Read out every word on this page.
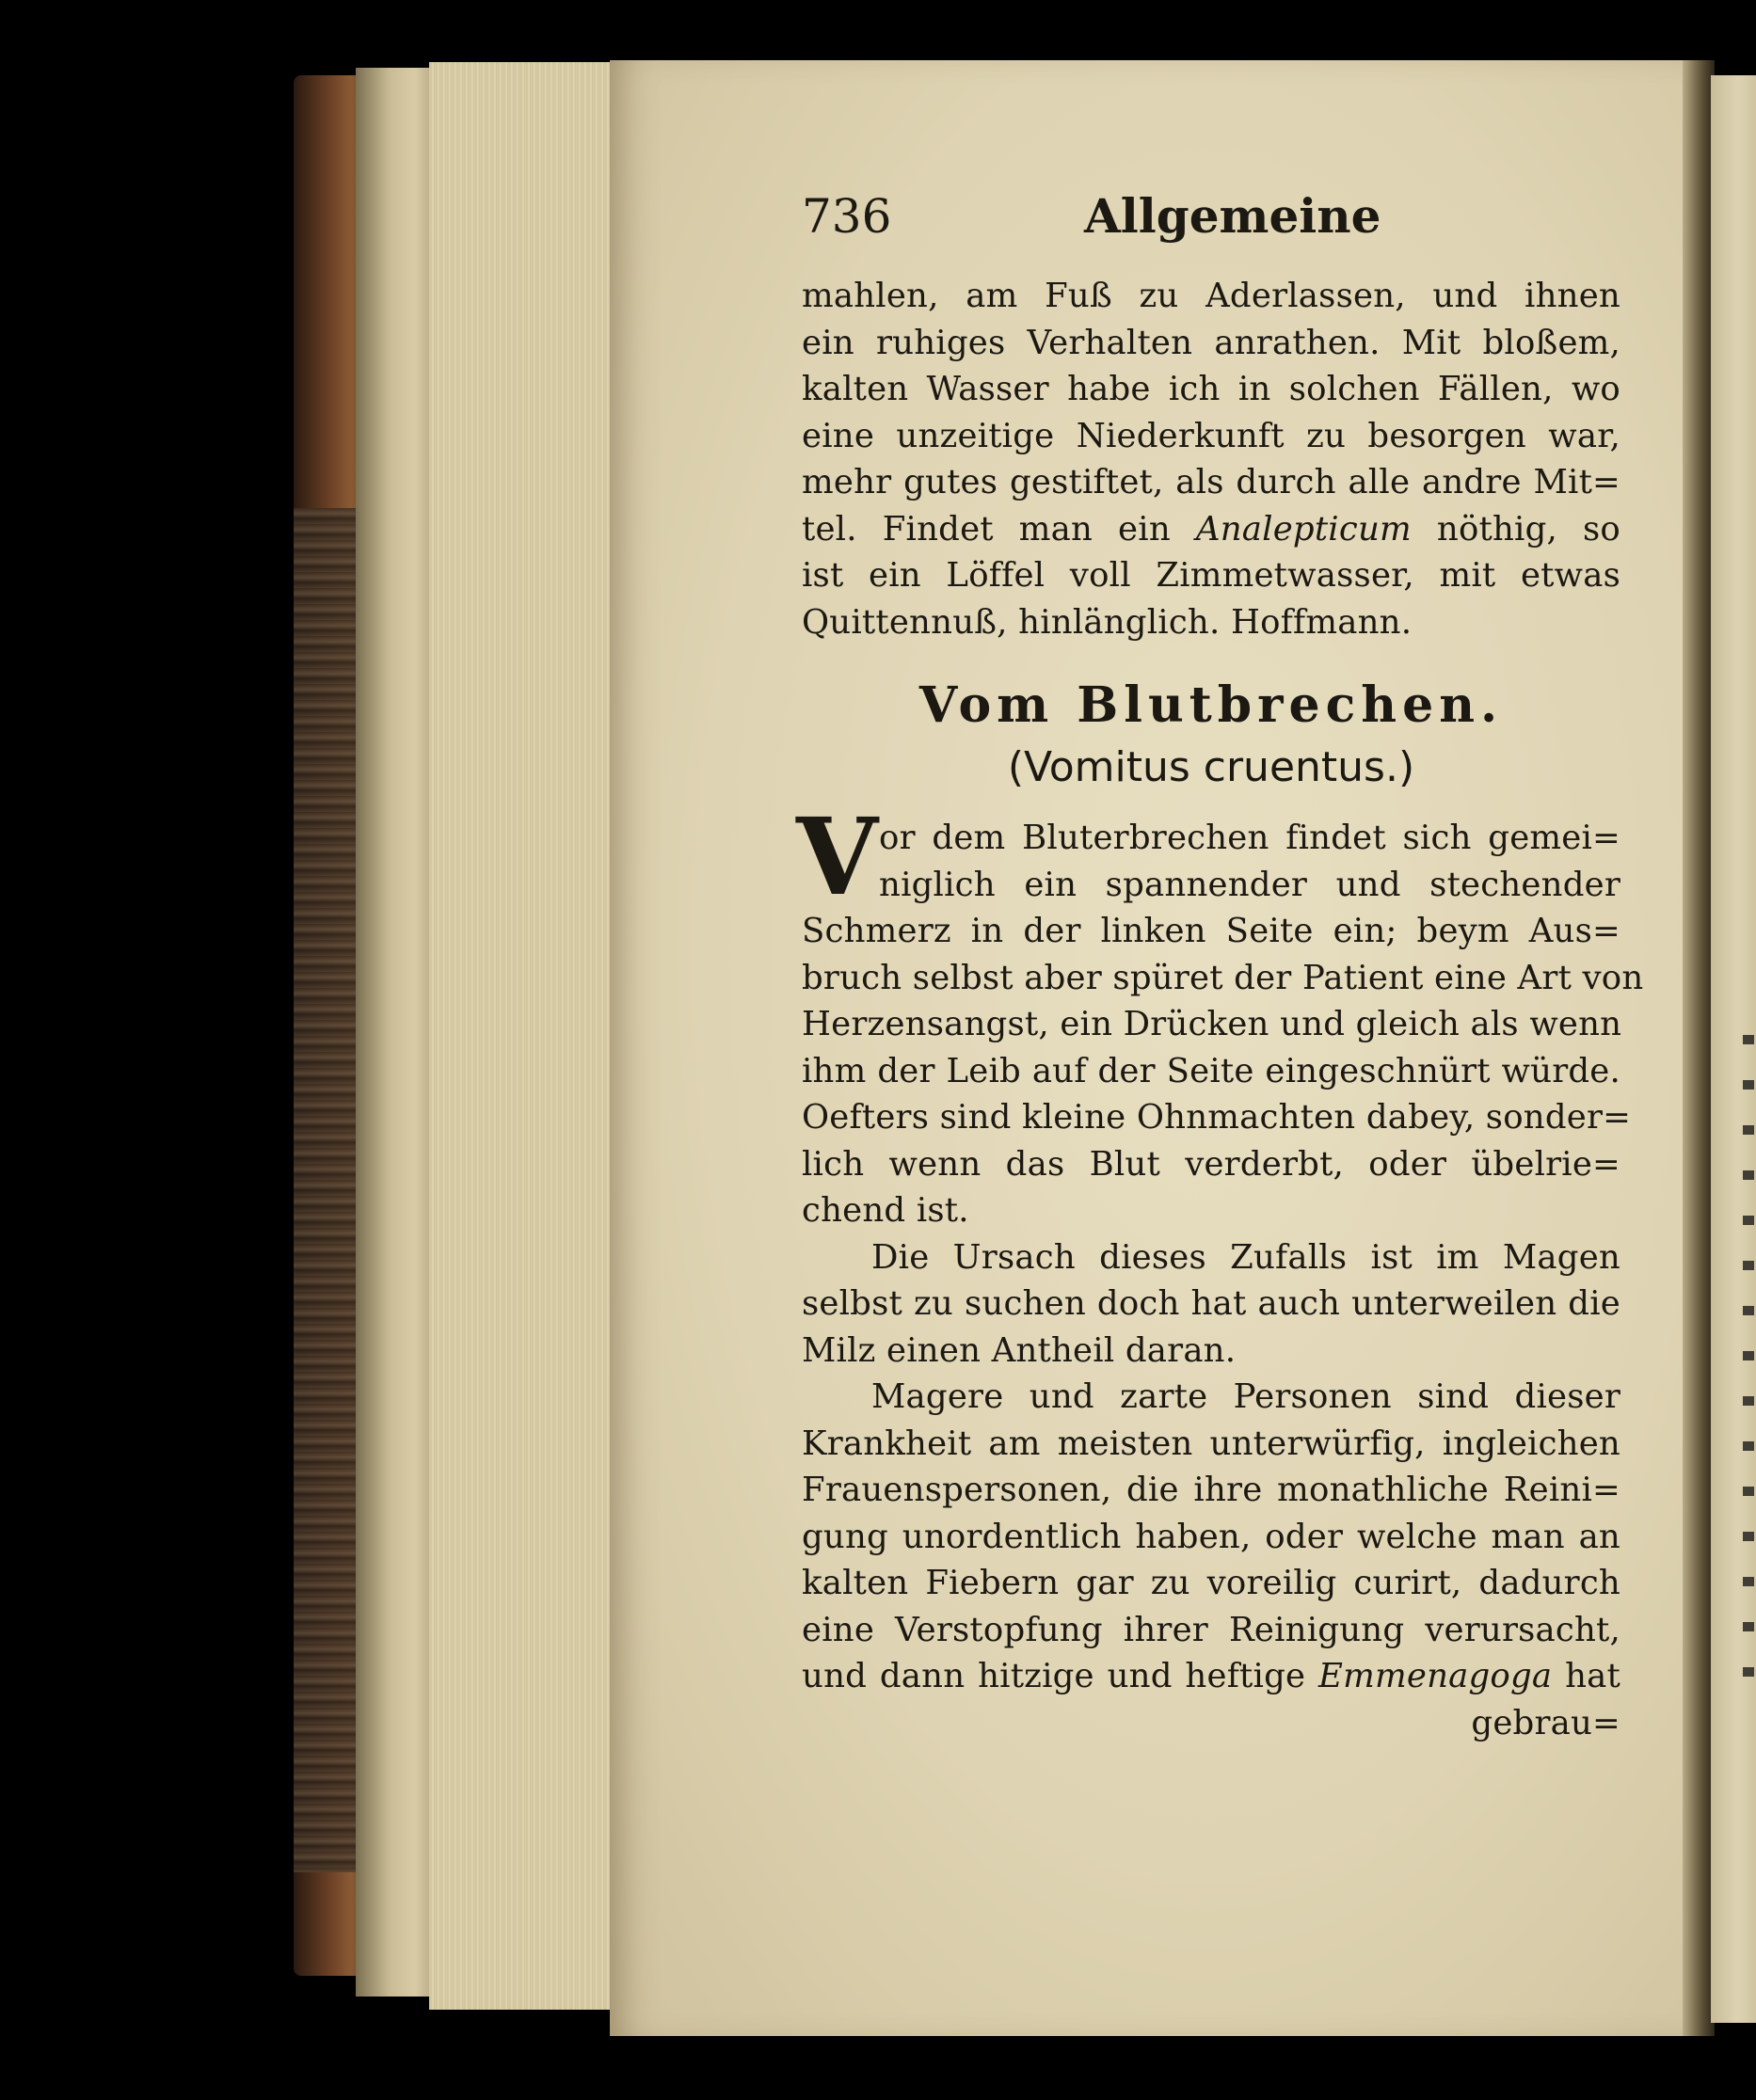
736	Allgemeine
mahlen, am Fuß zu Aderlassen, und ihnen
ein ruhiges Verhalten anrathen. Mit bloßem,
kalten Wasser habe ich in solchen Fällen, wo
eine unzeitige Niederkunft zu besorgen war,
mehr gutes gestiftet, als durch alle andre Mit=
tel. Findet man ein Analepticum nöthig, so
ist ein Löffel voll Zimmetwasser, mit etwas
Quittennuß, hinlänglich. Hoffmann.
Vom Blutbrechen.
(Vomitus cruentus.)
V or dem Bluterbrechen findet sich gemei=
niglich ein spannender und stechender
Schmerz in der linken Seite ein; beym Aus=
bruch selbst aber spüret der Patient eine Art von
Herzensangst, ein Drücken und gleich als wenn
ihm der Leib auf der Seite eingeschnürt würde.
Oefters sind kleine Ohnmachten dabey, sonder=
lich wenn das Blut verderbt, oder übelrie=
chend ist.
Die Ursach dieses Zufalls ist im Magen
selbst zu suchen doch hat auch unterweilen die
Milz einen Antheil daran.
Magere und zarte Personen sind dieser
Krankheit am meisten unterwürfig, ingleichen
Frauenspersonen, die ihre monathliche Reini=
gung unordentlich haben, oder welche man an
kalten Fiebern gar zu voreilig curirt, dadurch
eine Verstopfung ihrer Reinigung verursacht,
und dann hitzige und heftige Emmenagoga hat
gebrau=
